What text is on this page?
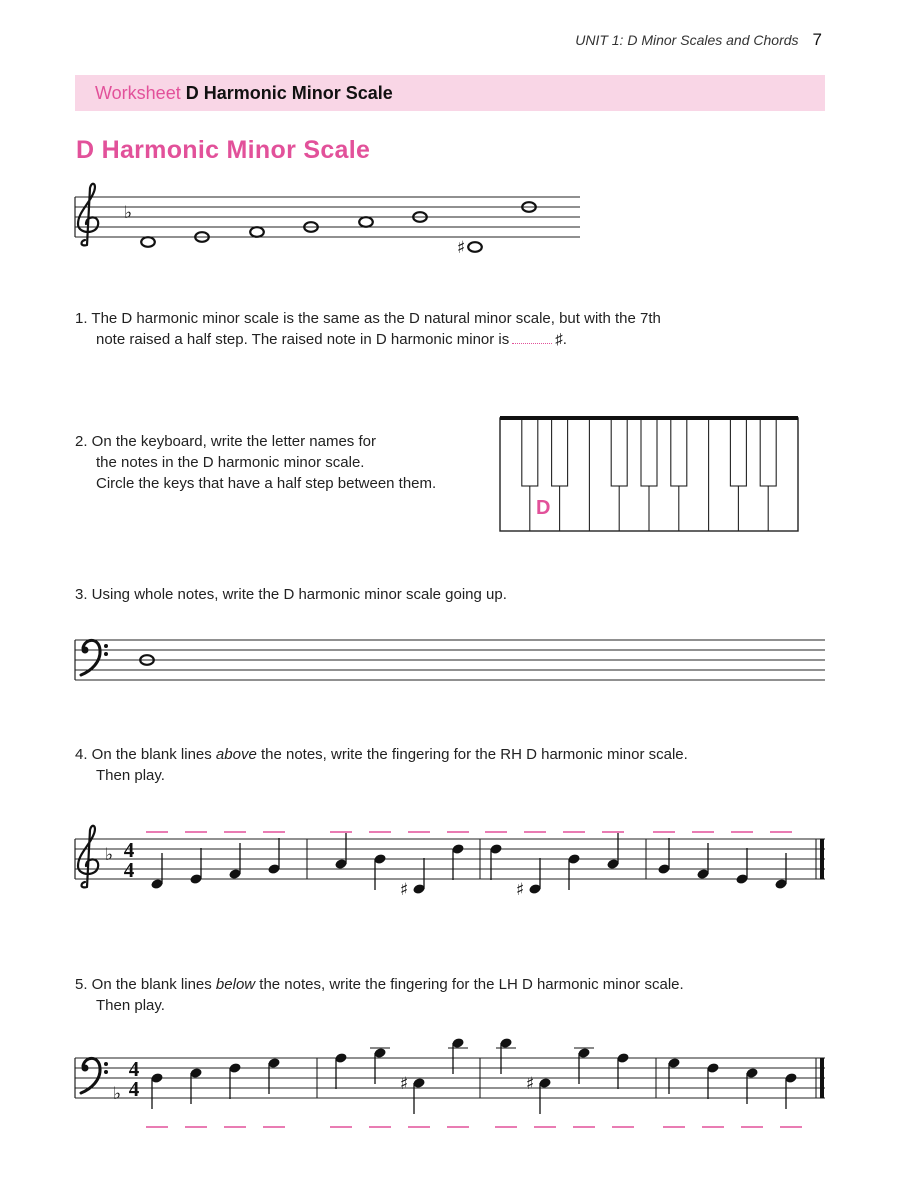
UNIT 1: D Minor Scales and Chords 7
Worksheet D Harmonic Minor Scale
D Harmonic Minor Scale
1. The D harmonic minor scale is the same as the D natural minor scale, but with the 7th
note raised a half step. The raised note in D harmonic minor is	♯.
2. On the keyboard, write the letter names for
the notes in the D harmonic minor scale.
Circle the keys that have a half step between them.
3. Using whole notes, write the D harmonic minor scale going up.
4. On the blank lines above the notes, write the fingering for the RH D harmonic minor scale.
Then play.
5. On the blank lines below the notes, write the fingering for the LH D harmonic minor scale.
Then play.
♭
♯
♭ 4
4
♯	♯
♭
4
4	♯	♯
D
